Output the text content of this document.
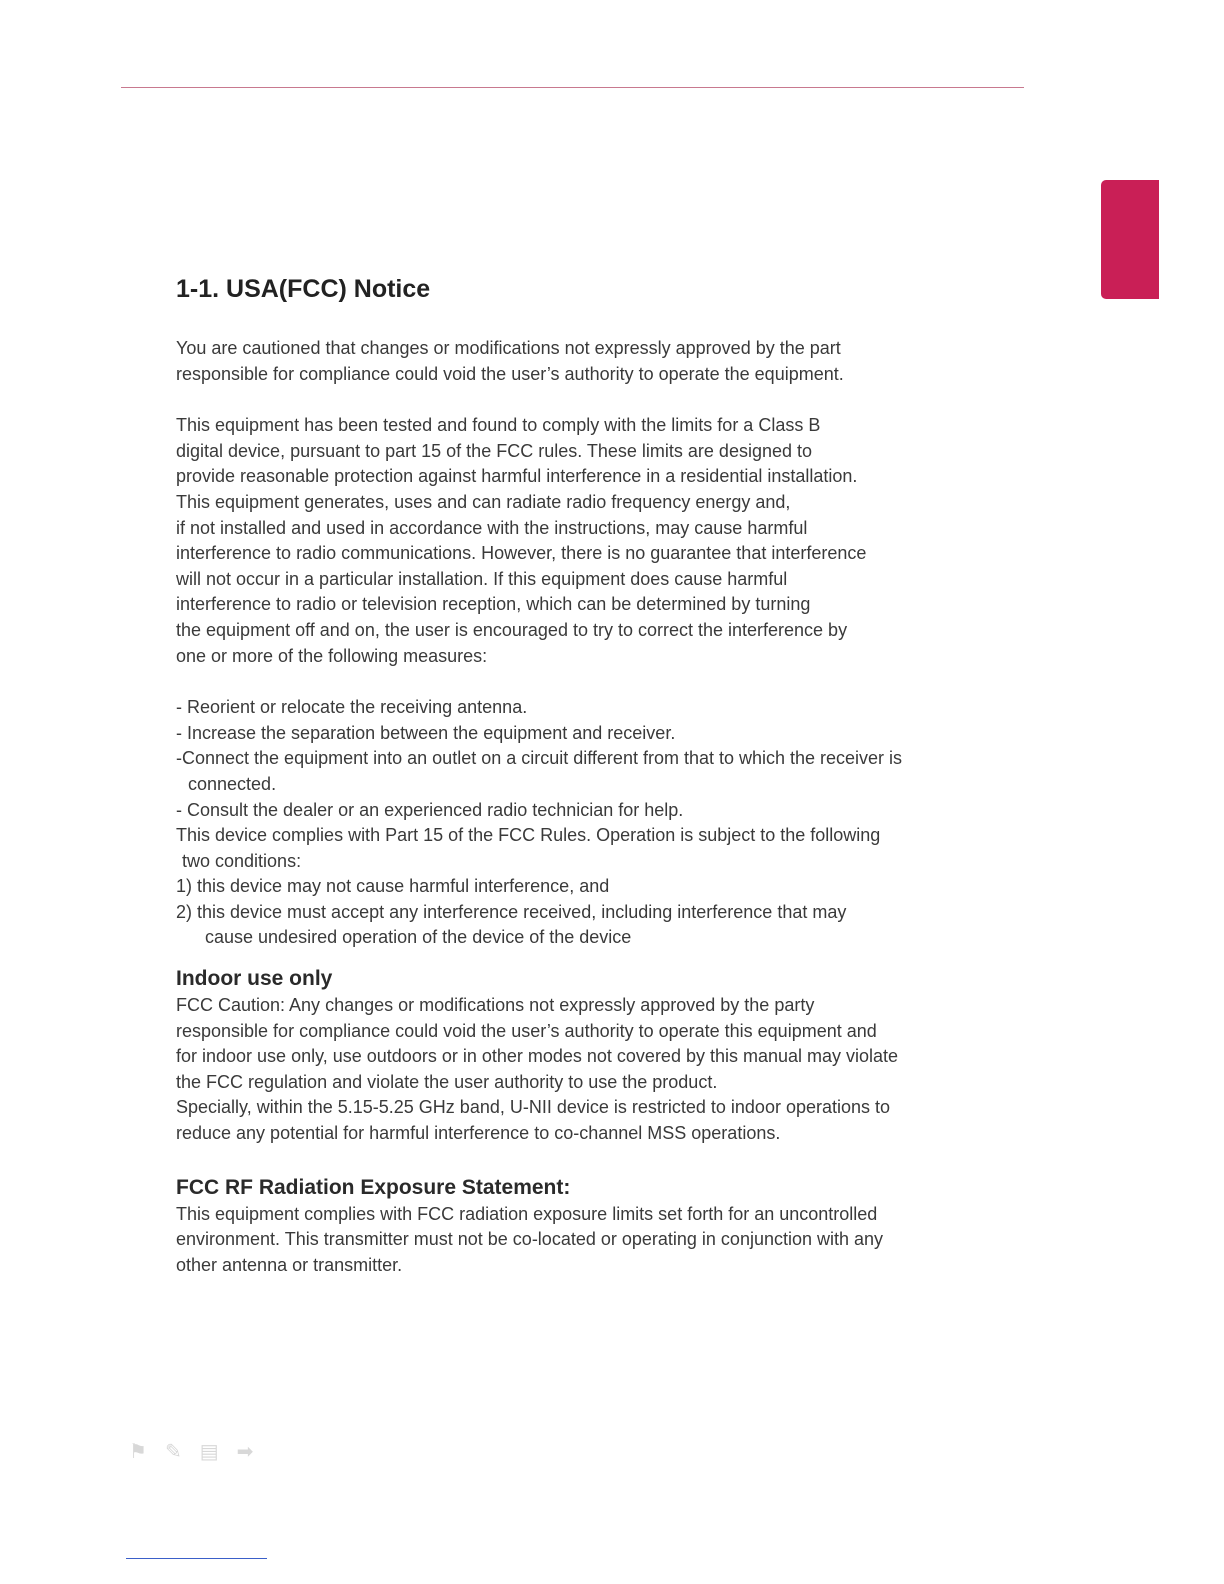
1-1. USA(FCC) Notice
You are cautioned that changes or modifications not expressly approved by the part
responsible for compliance could void the user’s authority to operate the equipment.
This equipment has been tested and found to comply with the limits for a Class B
digital device, pursuant to part 15 of the FCC rules. These limits are designed to
provide reasonable protection against harmful interference in a residential installation.
This equipment generates, uses and can radiate radio frequency energy and,
if not installed and used in accordance with the instructions, may cause harmful
interference to radio communications. However, there is no guarantee that interference
will not occur in a particular installation. If this equipment does cause harmful
interference to radio or television reception, which can be determined by turning
the equipment off and on, the user is encouraged to try to correct the interference by
one or more of the following measures:
- Reorient or relocate the receiving antenna.
- Increase the separation between the equipment and receiver.
-Connect the equipment into an outlet on a circuit different from that to which the receiver is
connected.
- Consult the dealer or an experienced radio technician for help.
This device complies with Part 15 of the FCC Rules. Operation is subject to the following
two conditions:
1) this device may not cause harmful interference, and
2) this device must accept any interference received, including interference that may
cause undesired operation of the device of the device
Indoor use only
FCC Caution: Any changes or modifications not expressly approved by the party
responsible for compliance could void the user’s authority to operate this equipment and
for indoor use only, use outdoors or in other modes not covered by this manual may violate
the FCC regulation and violate the user authority to use the product.
Specially, within the 5.15-5.25 GHz band, U-NII device is restricted to indoor operations to
reduce any potential for harmful interference to co-channel MSS operations.
FCC RF Radiation Exposure Statement:
This equipment complies with FCC radiation exposure limits set forth for an uncontrolled
environment. This transmitter must not be co-located or operating in conjunction with any
other antenna or transmitter.
⚑ ✎ ▤ ➡
